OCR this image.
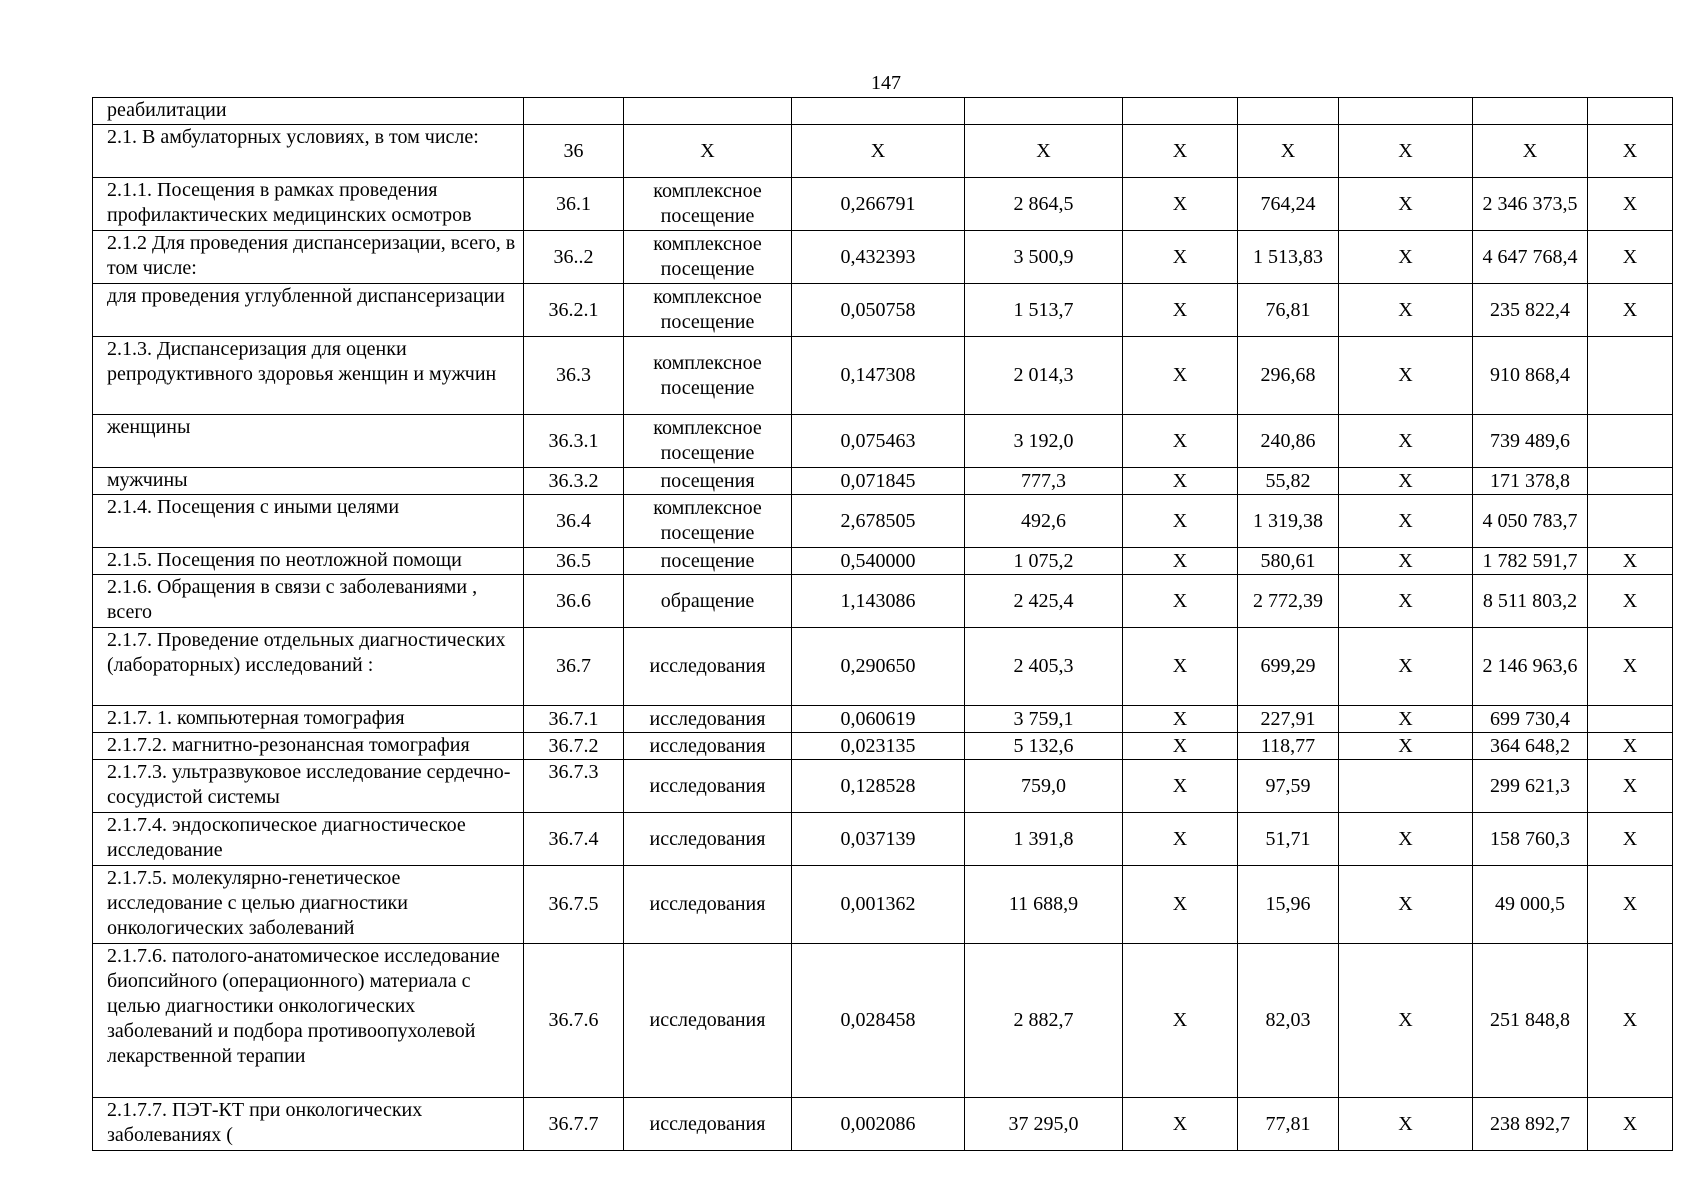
147
реабилитации									
2.1. В амбулаторных условиях, в том числе:	36	X	X	X	X	X	X	X	X
2.1.1. Посещения в рамках проведения профилактических медицинских осмотров	36.1	комплексное посещение	0,266791	2 864,5	X	764,24	X	2 346 373,5	X
2.1.2 Для проведения диспансеризации, всего, в том числе:	36..2	комплексное посещение	0,432393	3 500,9	X	1 513,83	X	4 647 768,4	X
для проведения углубленной диспансеризации	36.2.1	комплексное посещение	0,050758	1 513,7	X	76,81	X	235 822,4	X
2.1.3. Диспансеризация для оценки репродуктивного здоровья женщин и мужчин	36.3	комплексное посещение	0,147308	2 014,3	X	296,68	X	910 868,4	
женщины	36.3.1	комплексное посещение	0,075463	3 192,0	X	240,86	X	739 489,6	
мужчины	36.3.2	посещения	0,071845	777,3	X	55,82	X	171 378,8	
2.1.4. Посещения с иными целями	36.4	комплексное посещение	2,678505	492,6	X	1 319,38	X	4 050 783,7	
2.1.5. Посещения по неотложной помощи	36.5	посещение	0,540000	1 075,2	X	580,61	X	1 782 591,7	X
2.1.6. Обращения в связи с заболеваниями , всего	36.6	обращение	1,143086	2 425,4	X	2 772,39	X	8 511 803,2	X
2.1.7. Проведение отдельных диагностических (лабораторных) исследований :	36.7	исследования	0,290650	2 405,3	X	699,29	X	2 146 963,6	X
2.1.7. 1. компьютерная томография	36.7.1	исследования	0,060619	3 759,1	X	227,91	X	699 730,4	
2.1.7.2. магнитно-резонансная томография	36.7.2	исследования	0,023135	5 132,6	X	118,77	X	364 648,2	X
2.1.7.3. ультразвуковое исследование сердечно-сосудистой системы	36.7.3	исследования	0,128528	759,0	X	97,59		299 621,3	X
2.1.7.4. эндоскопическое диагностическое исследование	36.7.4	исследования	0,037139	1 391,8	X	51,71	X	158 760,3	X
2.1.7.5. молекулярно-генетическое исследование с целью диагностики онкологических заболеваний	36.7.5	исследования	0,001362	11 688,9	X	15,96	X	49 000,5	X
2.1.7.6. патолого-анатомическое исследование биопсийного (операционного) материала с целью диагностики онкологических заболеваний и подбора противоопухолевой лекарственной терапии	36.7.6	исследования	0,028458	2 882,7	X	82,03	X	251 848,8	X
2.1.7.7. ПЭТ-КТ при онкологических заболеваниях (	36.7.7	исследования	0,002086	37 295,0	X	77,81	X	238 892,7	X
